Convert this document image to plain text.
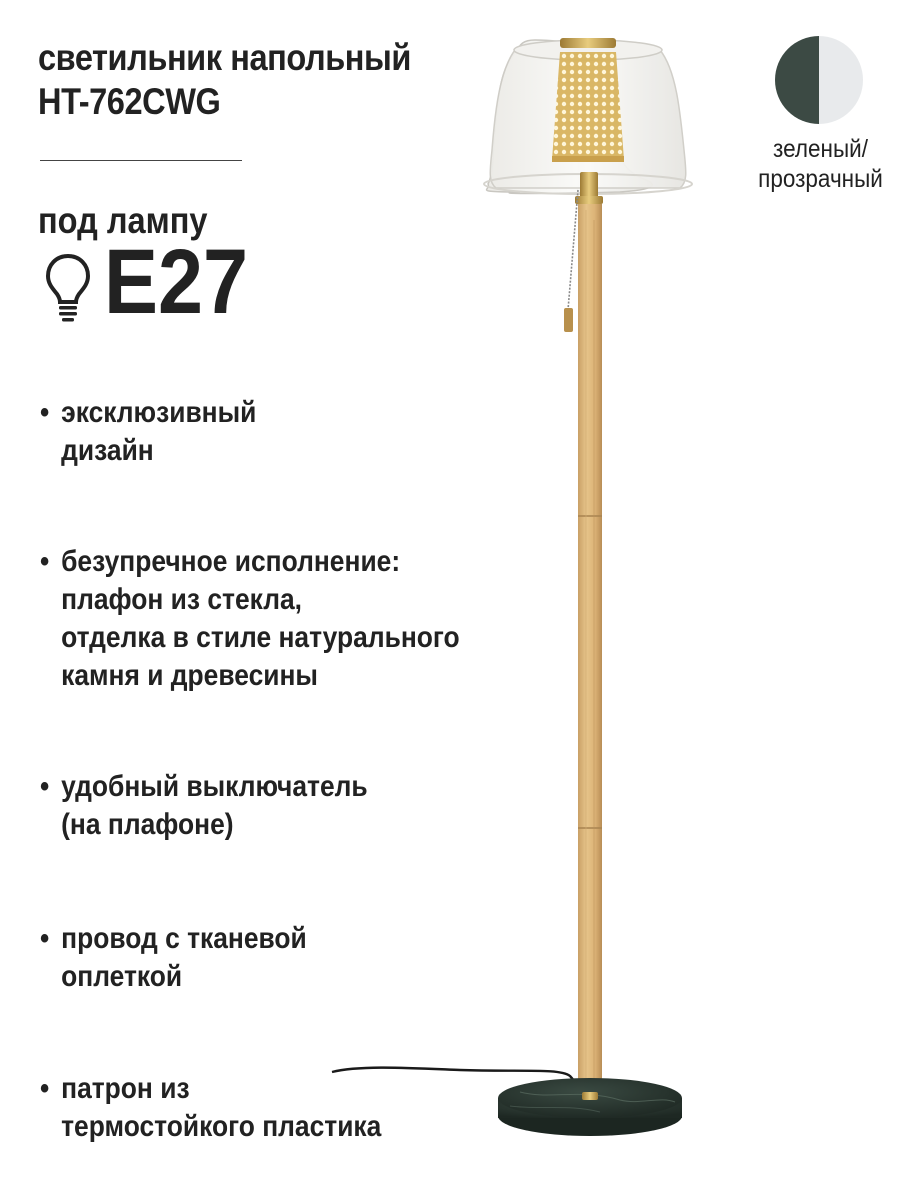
светильник напольный
HT-762CWG
под лампу
E27
• эксклюзивный
дизайн
• безупречное исполнение:
плафон из стекла,
отделка в стиле натурального
камня и древесины
• удобный выключатель
(на плафоне)
• провод с тканевой
оплеткой
• патрон из
термостойкого пластика
зеленый/
прозрачный
